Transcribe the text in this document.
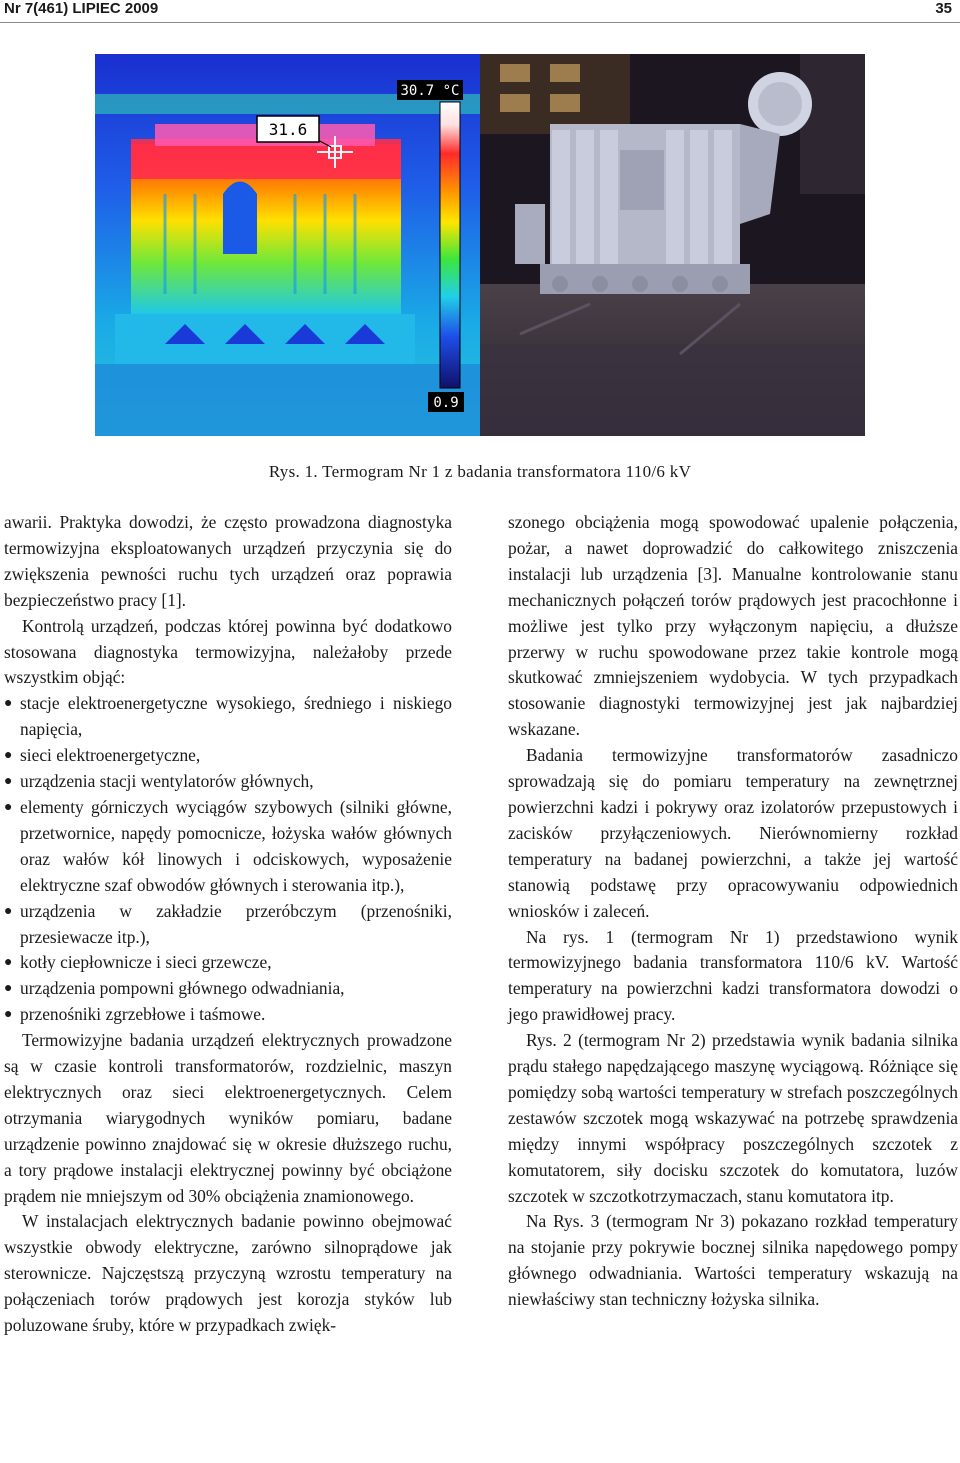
Nr 7(461) LIPIEC 2009	35
30.7 °C
0.9
31.6
Rys. 1. Termogram Nr 1 z badania transformatora 110/6 kV

awarii. Praktyka dowodzi, że często prowadzona diagnostyka termowizyjna eksploatowanych urządzeń przyczynia się do zwiększenia pewności ruchu tych urządzeń oraz poprawia bezpieczeństwo pracy [1].

Kontrolą urządzeń, podczas której powinna być dodatkowo stosowana diagnostyka termowizyjna, należałoby przede wszystkim objąć:

● stacje elektroenergetyczne wysokiego, średniego i niskiego napięcia,
● sieci elektroenergetyczne,
● urządzenia stacji wentylatorów głównych,
● elementy górniczych wyciągów szybowych (silniki główne, przetwornice, napędy pomocnicze, łożyska wałów głównych oraz wałów kół linowych i odciskowych, wyposażenie elektryczne szaf obwodów głównych i sterowania itp.),
● urządzenia w zakładzie przeróbczym (przenośniki, przesiewacze itp.),
● kotły ciepłownicze i sieci grzewcze,
● urządzenia pompowni głównego odwadniania,
● przenośniki zgrzebłowe i taśmowe.

Termowizyjne badania urządzeń elektrycznych prowadzone są w czasie kontroli transformatorów, rozdzielnic, maszyn elektrycznych oraz sieci elektroenergetycznych. Celem otrzymania wiarygodnych wyników pomiaru, badane urządzenie powinno znajdować się w okresie dłuższego ruchu, a tory prądowe instalacji elektrycznej powinny być obciążone prądem nie mniejszym od 30% obciążenia znamionowego.

W instalacjach elektrycznych badanie powinno obejmować wszystkie obwody elektryczne, zarówno silnoprądowe jak sterownicze. Najczęstszą przyczyną wzrostu temperatury na połączeniach torów prądowych jest korozja styków lub poluzowane śruby, które w przypadkach zwięk-

szonego obciążenia mogą spowodować upalenie połączenia, pożar, a nawet doprowadzić do całkowitego zniszczenia instalacji lub urządzenia [3]. Manualne kontrolowanie stanu mechanicznych połączeń torów prądowych jest pracochłonne i możliwe jest tylko przy wyłączonym napięciu, a dłuższe przerwy w ruchu spowodowane przez takie kontrole mogą skutkować zmniejszeniem wydobycia. W tych przypadkach stosowanie diagnostyki termowizyjnej jest jak najbardziej wskazane.

Badania termowizyjne transformatorów zasadniczo sprowadzają się do pomiaru temperatury na zewnętrznej powierzchni kadzi i pokrywy oraz izolatorów przepustowych i zacisków przyłączeniowych. Nierównomierny rozkład temperatury na badanej powierzchni, a także jej wartość stanowią podstawę przy opracowywaniu odpowiednich wniosków i zaleceń.

Na rys. 1 (termogram Nr 1) przedstawiono wynik termowizyjnego badania transformatora 110/6 kV. Wartość temperatury na powierzchni kadzi transformatora dowodzi o jego prawidłowej pracy.

Rys. 2 (termogram Nr 2) przedstawia wynik badania silnika prądu stałego napędzającego maszynę wyciągową. Różniące się pomiędzy sobą wartości temperatury w strefach poszczególnych zestawów szczotek mogą wskazywać na potrzebę sprawdzenia między innymi współpracy poszczególnych szczotek z komutatorem, siły docisku szczotek do komutatora, luzów szczotek w szczotkotrzymaczach, stanu komutatora itp.

Na Rys. 3 (termogram Nr 3) pokazano rozkład temperatury na stojanie przy pokrywie bocznej silnika napędowego pompy głównego odwadniania. Wartości temperatury wskazują na niewłaściwy stan techniczny łożyska silnika.
